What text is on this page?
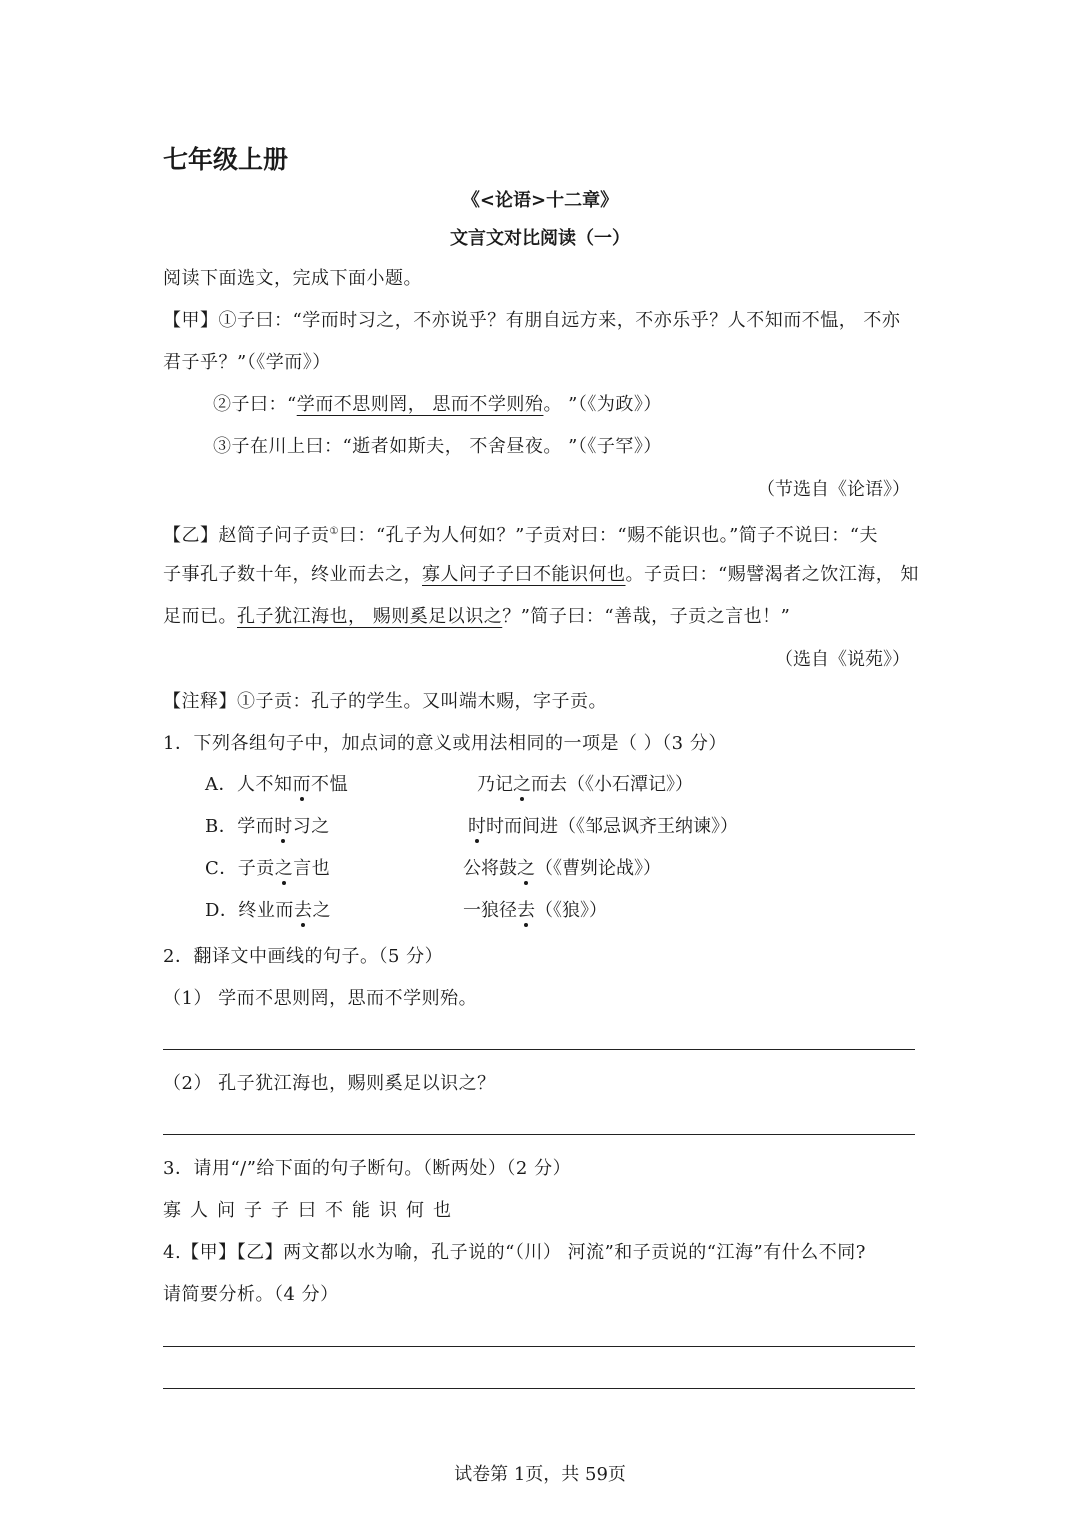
七年级上册
《<论语>十二章》
文言文对比阅读（一）
阅读下面选文，完成下面小题。
【甲】①子曰：“学而时习之，不亦说乎？有朋自远方来，不亦乐乎？人不知而不愠， 不亦
君子乎？”（《学而》）
②子曰：“学而不思则罔， 思而不学则殆。 ”（《为政》）
③子在川上曰：“逝者如斯夫， 不舍昼夜。 ”（《子罕》）
（节选自《论语》）
【乙】赵简子问子贡①曰：“孔子为人何如？”子贡对曰：“赐不能识也。”简子不说曰：“夫
子事孔子数十年，终业而去之，寡人问子子曰不能识何也。子贡曰：“赐譬渴者之饮江海， 知
足而已。孔子犹江海也， 赐则奚足以识之？”简子曰：“善哉，子贡之言也！”
（选自《说苑》）
【注释】①子贡：孔子的学生。又叫端木赐，字子贡。
1．下列各组句子中，加点词的意义或用法相同的一项是（ ）（3 分）
A．人不知而不愠	乃记之而去（《小石潭记》）
B．学而时习之	时时而间进（《邹忌讽齐王纳谏》）
C．子贡之言也	公将鼓之（《曹刿论战》）
D．终业而去之	一狼径去（《狼》）
2．翻译文中画线的句子。（5 分）
（1） 学而不思则罔，思而不学则殆。
（2） 孔子犹江海也，赐则奚足以识之？
3．请用“/”给下面的句子断句。（断两处）（2 分）
寡人问子子曰不能识何也
4.【甲】【乙】两文都以水为喻，孔子说的“（川） 河流”和子贡说的“江海”有什么不同?
请简要分析。（4 分）
试卷第 1页，共 59页
